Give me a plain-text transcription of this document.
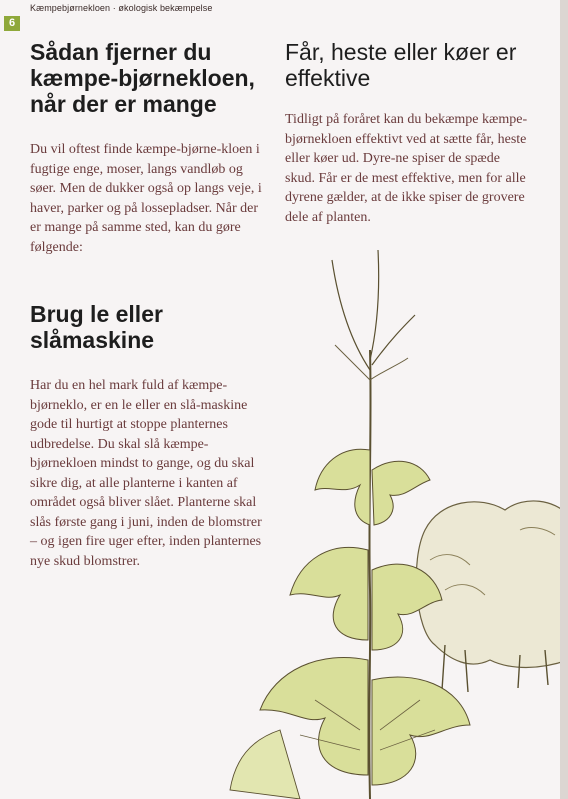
6
Kæmpebjørnekloen · økologisk bekæmpelse
Sådan fjerner du kæmpe-bjørnekloen, når der er mange

Du vil oftest finde kæmpe-bjørne-kloen i fugtige enge, moser, langs vandløb og søer. Men de dukker også op langs veje, i haver, parker og på lossepladser. Når der er mange på samme sted, kan du gøre følgende:

Brug le eller slåmaskine

Har du en hel mark fuld af kæmpe-bjørneklo, er en le eller en slå-maskine gode til hurtigt at stoppe planternes udbredelse. Du skal slå kæmpe-bjørnekloen mindst to gange, og du skal sikre dig, at alle planterne i kanten af området også bliver slået. Planterne skal slås første gang i juni, inden de blomstrer – og igen fire uger efter, inden planternes nye skud blomstrer.

Får, heste eller køer er effektive

Tidligt på foråret kan du bekæmpe kæmpe-bjørnekloen effektivt ved at sætte får, heste eller køer ud. Dyre-ne spiser de spæde skud. Får er de mest effektive, men for alle dyrene gælder, at de ikke spiser de grovere dele af planten.
